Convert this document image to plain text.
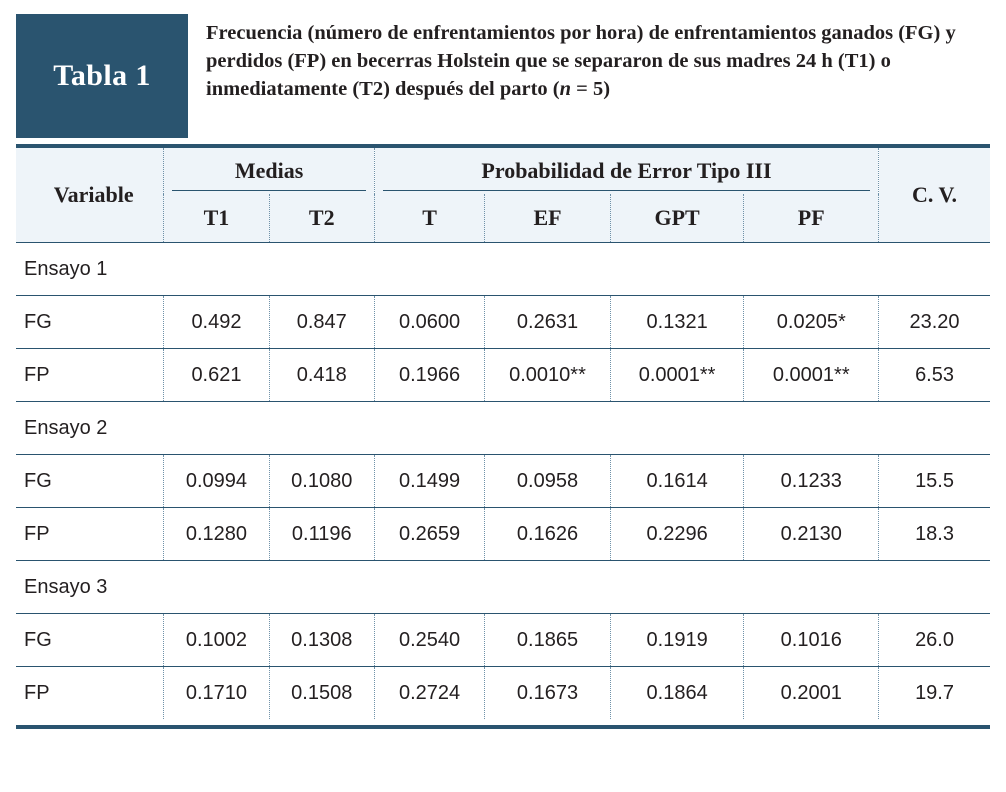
Tabla 1
Frecuencia (número de enfrentamientos por hora) de enfrentamientos ganados (FG) y perdidos (FP) en becerras Holstein que se separaron de sus madres 24 h (T1) o inmediatamente (T2) después del parto (n = 5)
Variable	Medias		Probabilidad de Error Tipo III				C. V.
	T1	T2	T	EF	GPT	PF	
Ensayo 1							
FG	0.492	0.847	0.0600	0.2631	0.1321	0.0205*	23.20
FP	0.621	0.418	0.1966	0.0010**	0.0001**	0.0001**	6.53
Ensayo 2							
FG	0.0994	0.1080	0.1499	0.0958	0.1614	0.1233	15.5
FP	0.1280	0.1196	0.2659	0.1626	0.2296	0.2130	18.3
Ensayo 3							
FG	0.1002	0.1308	0.2540	0.1865	0.1919	0.1016	26.0
FP	0.1710	0.1508	0.2724	0.1673	0.1864	0.2001	19.7
